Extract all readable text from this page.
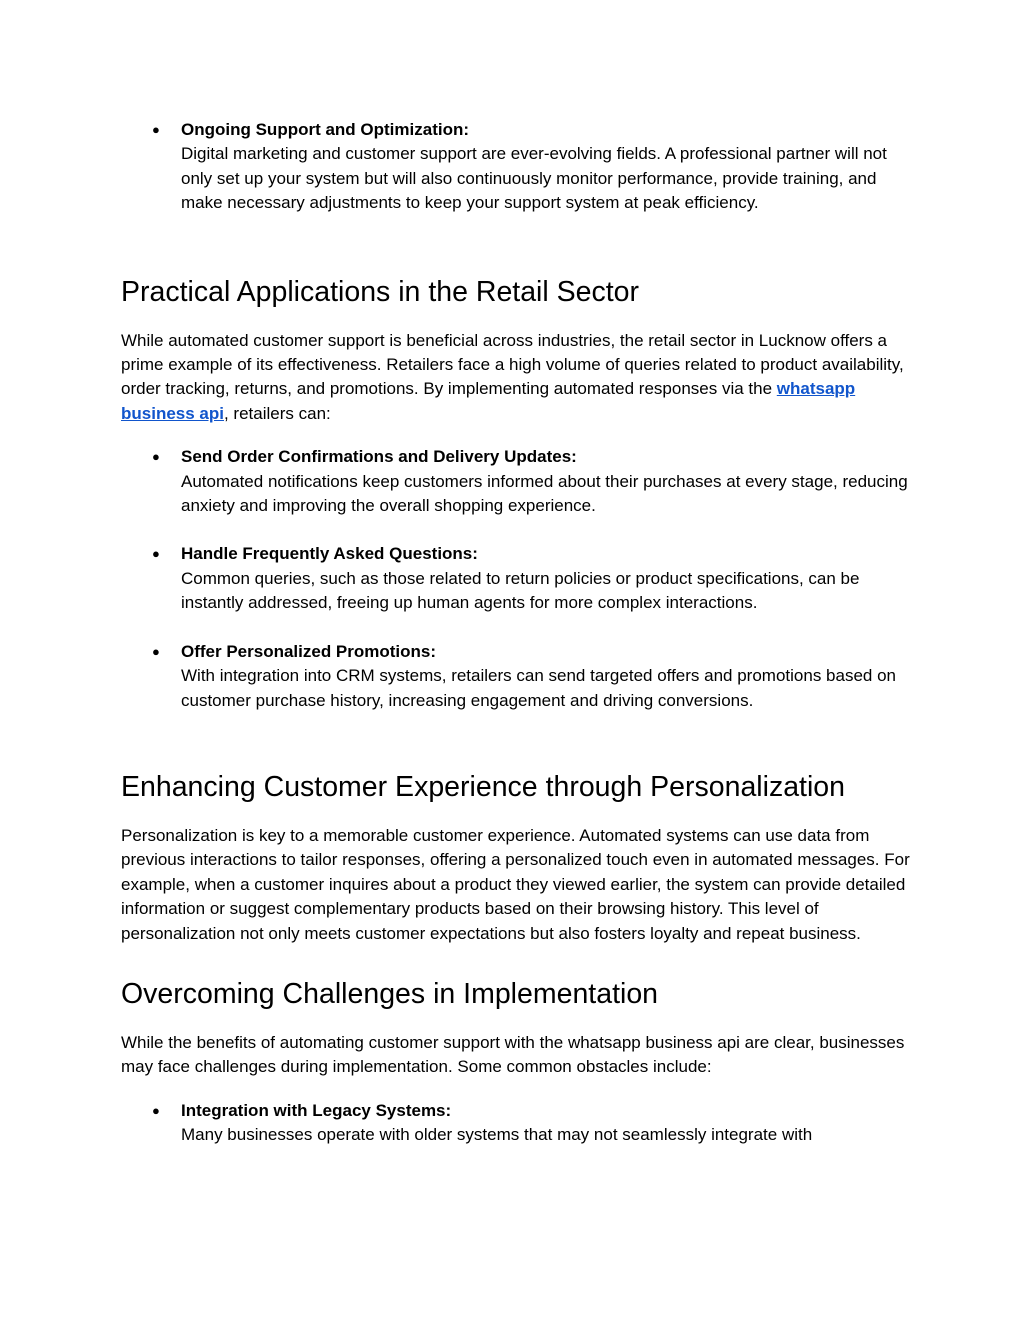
● Ongoing Support and Optimization:
Digital marketing and customer support are ever-evolving fields. A professional partner will not only set up your system but will also continuously monitor performance, provide training, and make necessary adjustments to keep your support system at peak efficiency.
Practical Applications in the Retail Sector

While automated customer support is beneficial across industries, the retail sector in Lucknow offers a prime example of its effectiveness. Retailers face a high volume of queries related to product availability, order tracking, returns, and promotions. By implementing automated responses via the whatsapp business api, retailers can:

● Send Order Confirmations and Delivery Updates:
Automated notifications keep customers informed about their purchases at every stage, reducing anxiety and improving the overall shopping experience.
● Handle Frequently Asked Questions:
Common queries, such as those related to return policies or product specifications, can be instantly addressed, freeing up human agents for more complex interactions.
● Offer Personalized Promotions:
With integration into CRM systems, retailers can send targeted offers and promotions based on customer purchase history, increasing engagement and driving conversions.
Enhancing Customer Experience through Personalization

Personalization is key to a memorable customer experience. Automated systems can use data from previous interactions to tailor responses, offering a personalized touch even in automated messages. For example, when a customer inquires about a product they viewed earlier, the system can provide detailed information or suggest complementary products based on their browsing history. This level of personalization not only meets customer expectations but also fosters loyalty and repeat business.

Overcoming Challenges in Implementation

While the benefits of automating customer support with the whatsapp business api are clear, businesses may face challenges during implementation. Some common obstacles include:

● Integration with Legacy Systems:
Many businesses operate with older systems that may not seamlessly integrate with
